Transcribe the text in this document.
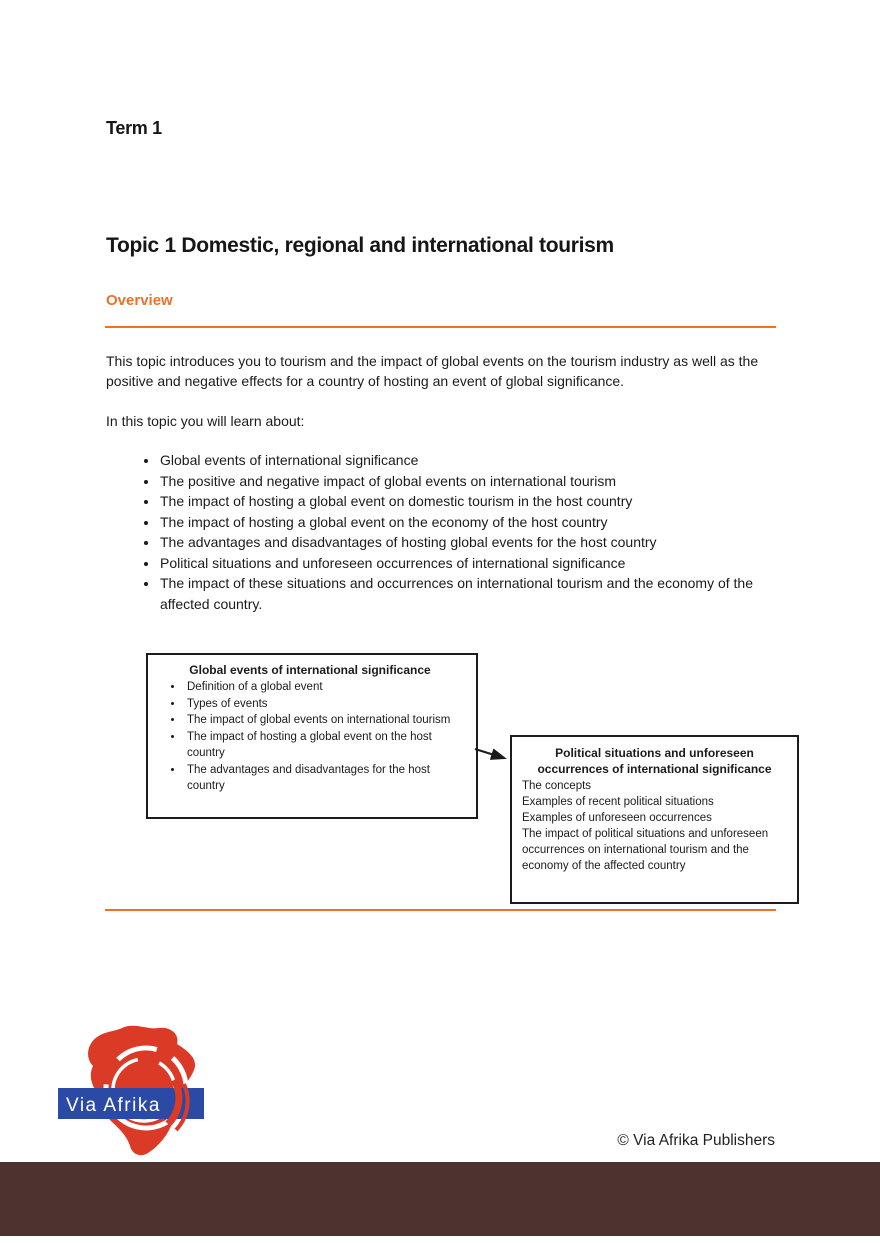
Term 1
Topic 1 Domestic, regional and international tourism
Overview
This topic introduces you to tourism and the impact of global events on the tourism industry as well as the positive and negative effects for a country of hosting an event of global significance.
In this topic you will learn about:
• Global events of international significance
• The positive and negative impact of global events on international tourism
• The impact of hosting a global event on domestic tourism in the host country
• The impact of hosting a global event on the economy of the host country
• The advantages and disadvantages of hosting global events for the host country
• Political situations and unforeseen occurrences of international significance
• The impact of these situations and occurrences on international tourism and the economy of the affected country.
Global events of international significance
• Definition of a global event
• Types of events
• The impact of global events on international tourism
• The impact of hosting a global event on the host country
• The advantages and disadvantages for the host country
Political situations and unforeseen occurrences of international significance

The concepts

Examples of recent political situations

Examples of unforeseen occurrences

The impact of political situations and unforeseen occurrences on international tourism and the economy of the affected country

Via Afrika
© Via Afrika Publishers
